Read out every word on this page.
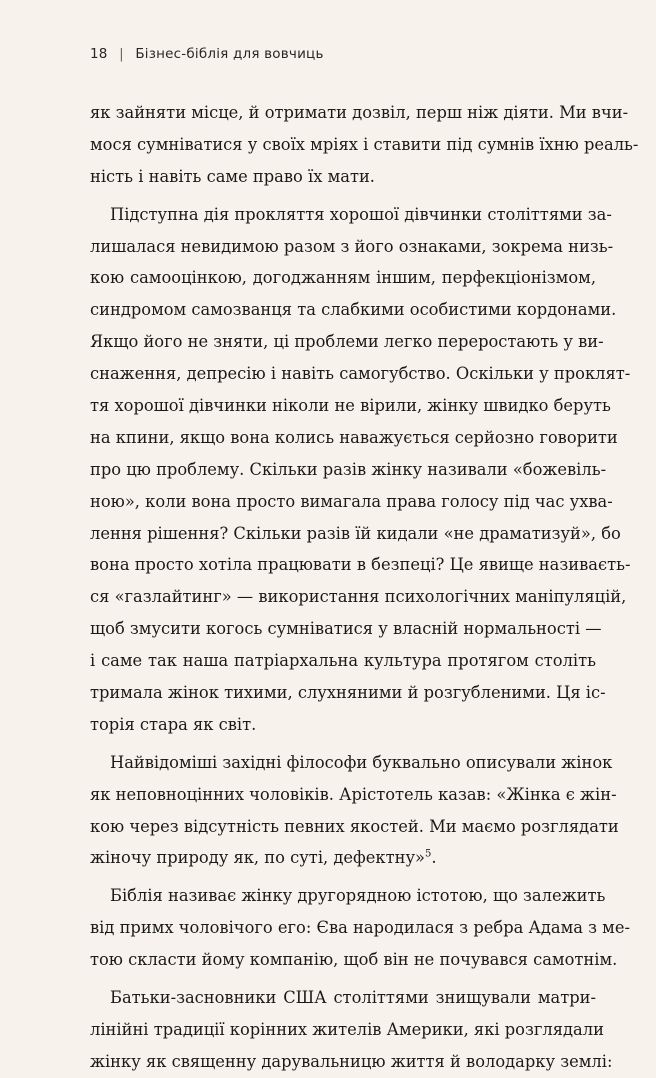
18 | Бізнес-біблія для вовчиць
як зайняти місце, й отримати дозвіл, перш ніж діяти. Ми вчи-
мося сумніватися у своїх мріях і ставити під сумнів їхню реаль-
ність і навіть саме право їх мати.
Підступна дія прокляття хорошої дівчинки століттями за-
лишалася невидимою разом з його ознаками, зокрема низь-
кою самооцінкою, догоджанням іншим, перфекціонізмом,
синдромом самозванця та слабкими особистими кордонами.
Якщо його не зняти, ці проблеми легко переростають у ви-
снаження, депресію і навіть самогубство. Оскільки у проклят-
тя хорошої дівчинки ніколи не вірили, жінку швидко беруть
на кпини, якщо вона колись наважується серйозно говорити
про цю проблему. Скільки разів жінку називали «божевіль-
ною», коли вона просто вимагала права голосу під час ухва-
лення рішення? Скільки разів їй кидали «не драматизуй», бо
вона просто хотіла працювати в безпеці? Це явище називаєть-
ся «газлайтинг» — використання психологічних маніпуляцій,
щоб змусити когось сумніватися у власній нормальності —
і саме так наша патріархальна культура протягом століть
тримала жінок тихими, слухняними й розгубленими. Ця іс-
торія стара як світ.
Найвідоміші західні філософи буквально описували жінок
як неповноцінних чоловіків. Арістотель казав: «Жінка є жін-
кою через відсутність певних якостей. Ми маємо розглядати
жіночу природу як, по суті, дефектну»$^5$.
Біблія називає жінку другорядною істотою, що залежить
від примх чоловічого его: Єва народилася з ребра Адама з ме-
тою скласти йому компанію, щоб він не почувався самотнім.
Батьки-засновники США століттями знищували матри-
лінійні традиції корінних жителів Америки, які розглядали
жінку як священну дарувальницю життя й володарку землі:
